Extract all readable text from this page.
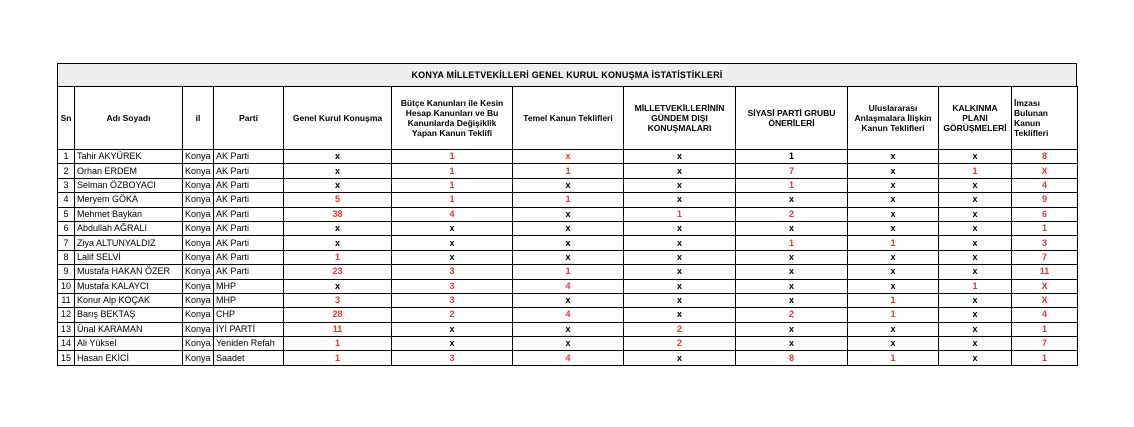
KONYA MİLLETVEKİLLERİ GENEL KURUL KONUŞMA İSTATİSTİKLERİ
Sn	Adı Soyadı	il	Parti	Genel Kurul Konuşma	Bütçe Kanunları ile Kesin Hesap Kanunları ve Bu Kanunlarda Değişiklik Yapan Kanun Teklifi	Temel Kanun Teklifleri	MİLLETVEKİLLERİNİN GÜNDEM DIŞI KONUŞMALARI	SİYASİ PARTİ GRUBU ÖNERİLERİ	Uluslararası Anlaşmalara İlişkin Kanun Teklifleri	KALKINMA PLANI GÖRÜŞMELERİ	İmzası Bulunan Kanun Teklifleri
1	Tahir AKYÜREK	Konya	AK Parti	x	1	x	x	1	x	x	8
2	Orhan ERDEM	Konya	AK Parti	x	1	1	x	7	x	1	X
3	Selman ÖZBOYACI	Konya	AK Parti	x	1	x	x	1	x	x	4
4	Meryem GÖKA	Konya	AK Parti	5	1	1	x	x	x	x	9
5	Mehmet Baykan	Konya	AK Parti	38	4	x	1	2	x	x	6
6	Abdullah AĞRALI	Konya	AK Parti	x	x	x	x	x	x	x	1
7	Ziya ALTUNYALDIZ	Konya	AK Parti	x	x	x	x	1	1	x	3
8	Lalif SELVİ	Konya	AK Parti	1	x	x	x	x	x	x	7
9	Mustafa HAKAN ÖZER	Konya	AK Parti	23	3	1	x	x	x	x	11
10	Mustafa KALAYCI	Konya	MHP	x	3	4	x	x	x	1	X
11	Konur Alp KOÇAK	Konya	MHP	3	3	x	x	x	1	x	X
12	Barış BEKTAŞ	Konya	CHP	28	2	4	x	2	1	x	4
13	Ünal KARAMAN	Konya	İYİ PARTİ	11	x	x	2	x	x	x	1
14	Ali Yüksel	Konya	Yeniden Refah	1	x	x	2	x	x	x	7
15	Hasan EKİCİ	Konya	Saadet	1	3	4	x	8	1	x	1
